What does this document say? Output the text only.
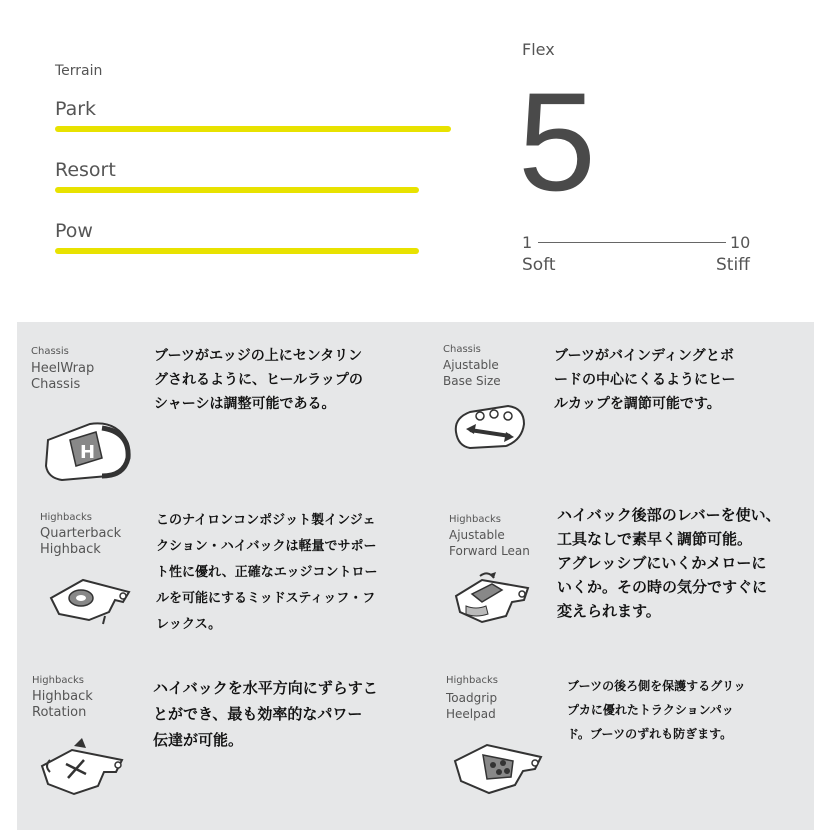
Terrain
Park
Resort
Pow
Flex
5
1	10
Soft	Stiff
Chassis
HeelWrap
Chassis
H
ブーツがエッジの上にセンタリン
グされるように、ヒールラップの
シャーシは調整可能である。
Chassis
Ajustable
Base Size
ブーツがバインディングとボ
ードの中心にくるようにヒー
ルカップを調節可能です。
Highbacks
Quarterback
Highback
このナイロンコンポジット製インジェ
クション・ハイバックは軽量でサポー
ト性に優れ、正確なエッジコントロー
ルを可能にするミッドスティッフ・フ
レックス。
Highbacks
Ajustable
Forward Lean
ハイバック後部のレバーを使い、
工具なしで素早く調節可能。
アグレッシブにいくかメローに
いくか。その時の気分ですぐに
変えられます。
Highbacks
Highback
Rotation
ハイバックを水平方向にずらすこ
とができ、最も効率的なパワー
伝達が可能。
Highbacks
Toadgrip
Heelpad
ブーツの後ろ側を保護するグリッ
プカに優れたトラクションパッ
ド。ブーツのずれも防ぎます。
